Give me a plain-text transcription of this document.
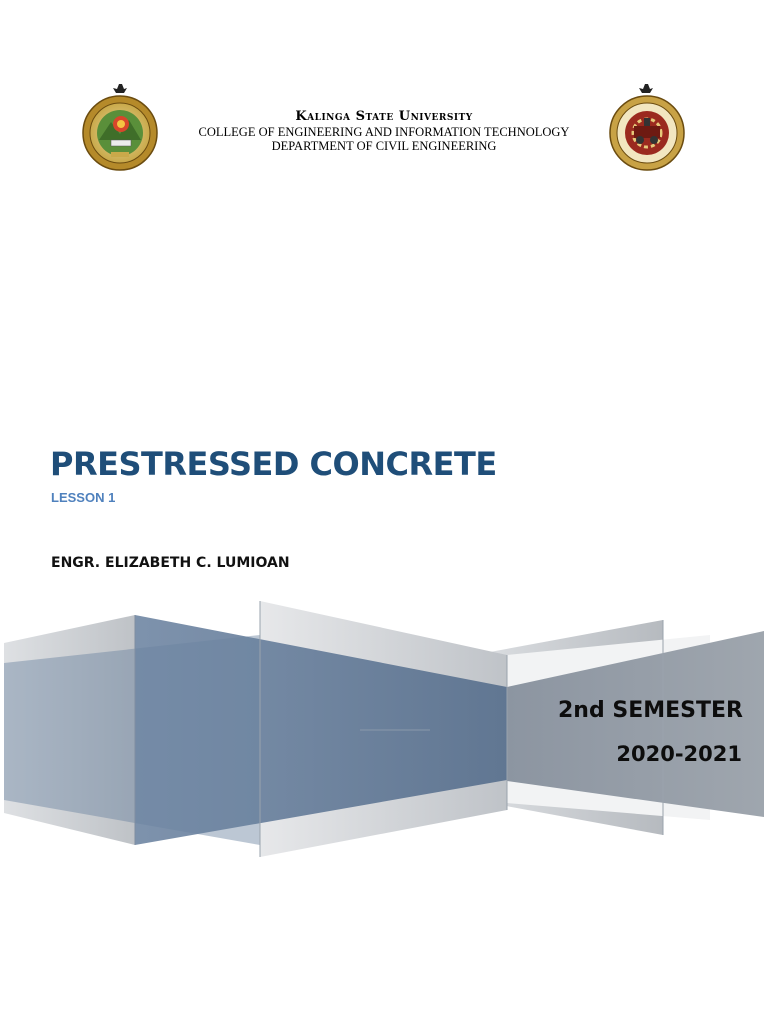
Kalinga State University
COLLEGE OF ENGINEERING AND INFORMATION TECHNOLOGY
DEPARTMENT OF CIVIL ENGINEERING
PRESTRESSED CONCRETE
LESSON 1
ENGR. ELIZABETH C. LUMIOAN
2nd SEMESTER
2020-2021
